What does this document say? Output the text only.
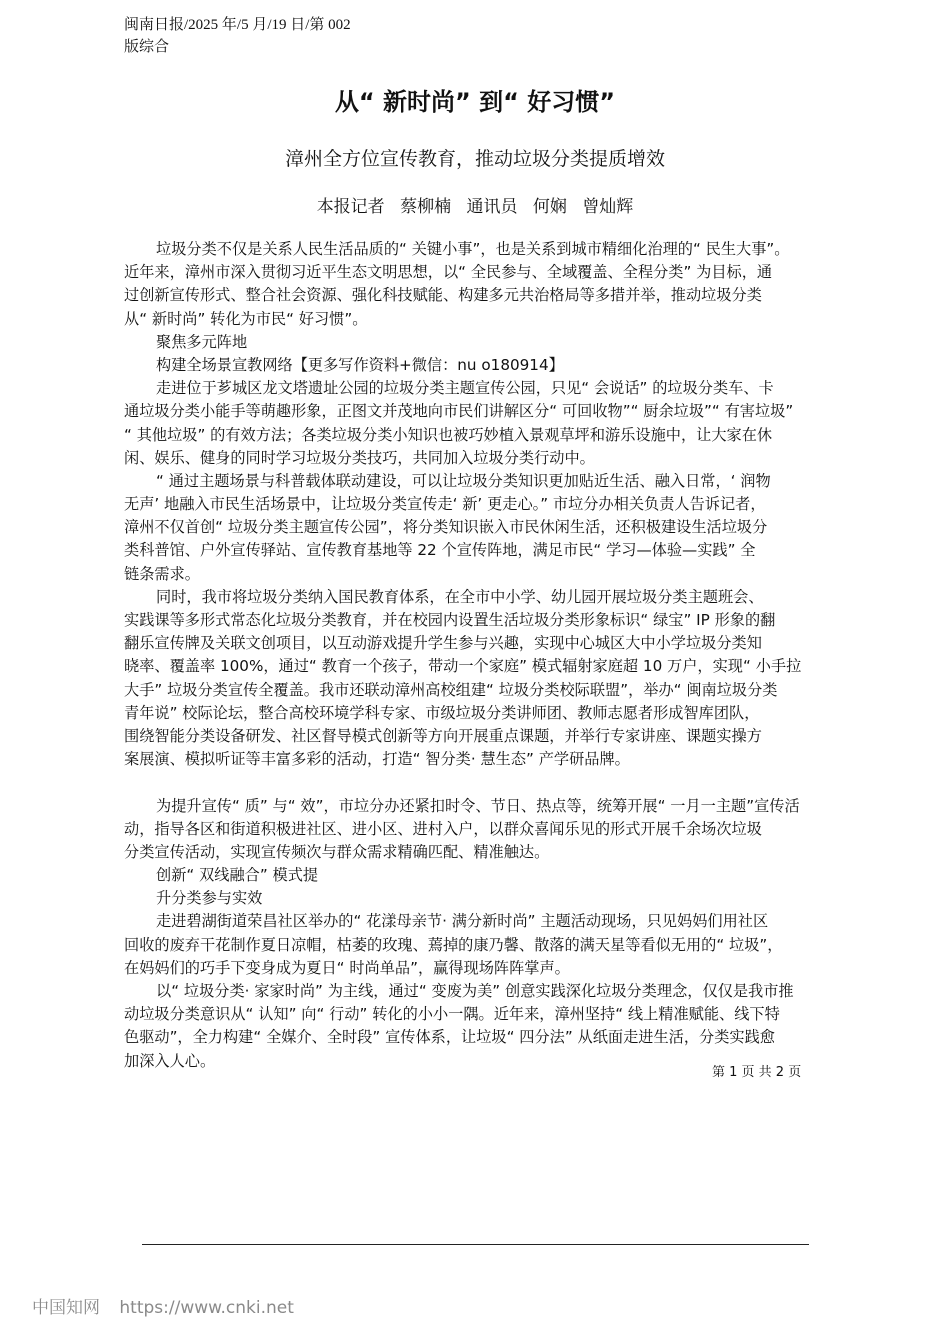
闽南日报/2025 年/5 月/19 日/第 002
版综合
从“ 新时尚” 到“ 好习惯”
漳州全方位宣传教育，推动垃圾分类提质增效
本报记者 蔡柳楠 通讯员 何娴 曾灿辉
垃圾分类不仅是关系人民生活品质的“ 关键小事”，也是关系到城市精细化治理的“ 民生大事”。
近年来，漳州市深入贯彻习近平生态文明思想，以“ 全民参与、全域覆盖、全程分类” 为目标，通
过创新宣传形式、整合社会资源、强化科技赋能、构建多元共治格局等多措并举，推动垃圾分类
从“ 新时尚” 转化为市民“ 好习惯”。
聚焦多元阵地
构建全场景宣教网络【更多写作资料+微信：nu o180914】
走进位于芗城区龙文塔遗址公园的垃圾分类主题宣传公园，只见“ 会说话” 的垃圾分类车、卡
通垃圾分类小能手等萌趣形象，正图文并茂地向市民们讲解区分“ 可回收物”“ 厨余垃圾”“ 有害垃圾”
“ 其他垃圾” 的有效方法；各类垃圾分类小知识也被巧妙植入景观草坪和游乐设施中，让大家在休
闲、娱乐、健身的同时学习垃圾分类技巧，共同加入垃圾分类行动中。
“ 通过主题场景与科普载体联动建设，可以让垃圾分类知识更加贴近生活、融入日常，‘ 润物
无声’ 地融入市民生活场景中，让垃圾分类宣传走‘ 新’ 更走心。” 市垃分办相关负责人告诉记者，
漳州不仅首创“ 垃圾分类主题宣传公园”，将分类知识嵌入市民休闲生活，还积极建设生活垃圾分
类科普馆、户外宣传驿站、宣传教育基地等 22 个宣传阵地，满足市民“ 学习—体验—实践” 全
链条需求。
同时，我市将垃圾分类纳入国民教育体系，在全市中小学、幼儿园开展垃圾分类主题班会、
实践课等多形式常态化垃圾分类教育，并在校园内设置生活垃圾分类形象标识“ 绿宝” IP 形象的翻
翻乐宣传牌及关联文创项目，以互动游戏提升学生参与兴趣，实现中心城区大中小学垃圾分类知
晓率、覆盖率 100%，通过“ 教育一个孩子，带动一个家庭” 模式辐射家庭超 10 万户，实现“ 小手拉
大手” 垃圾分类宣传全覆盖。我市还联动漳州高校组建“ 垃圾分类校际联盟”，举办“ 闽南垃圾分类
青年说” 校际论坛，整合高校环境学科专家、市级垃圾分类讲师团、教师志愿者形成智库团队，
围绕智能分类设备研发、社区督导模式创新等方向开展重点课题，并举行专家讲座、课题实操方
案展演、模拟听证等丰富多彩的活动，打造“ 智分类· 慧生态” 产学研品牌。
为提升宣传“ 质” 与“ 效”，市垃分办还紧扣时令、节日、热点等，统筹开展“ 一月一主题”宣传活
动，指导各区和街道积极进社区、进小区、进村入户，以群众喜闻乐见的形式开展千余场次垃圾
分类宣传活动，实现宣传频次与群众需求精确匹配、精准触达。
创新“ 双线融合” 模式提
升分类参与实效
走进碧湖街道荣昌社区举办的“ 花漾母亲节· 满分新时尚” 主题活动现场，只见妈妈们用社区
回收的废弃干花制作夏日凉帽，枯萎的玫瑰、蔫掉的康乃馨、散落的满天星等看似无用的“ 垃圾”，
在妈妈们的巧手下变身成为夏日“ 时尚单品”，赢得现场阵阵掌声。
以“ 垃圾分类· 家家时尚” 为主线，通过“ 变废为美” 创意实践深化垃圾分类理念，仅仅是我市推
动垃圾分类意识从“ 认知” 向“ 行动” 转化的小小一隅。近年来，漳州坚持“ 线上精准赋能、线下特
色驱动”，全力构建“ 全媒介、全时段” 宣传体系，让垃圾“ 四分法” 从纸面走进生活，分类实践愈
加深入人心。
第 1 页 共 2 页
中国知网 https://www.cnki.net
